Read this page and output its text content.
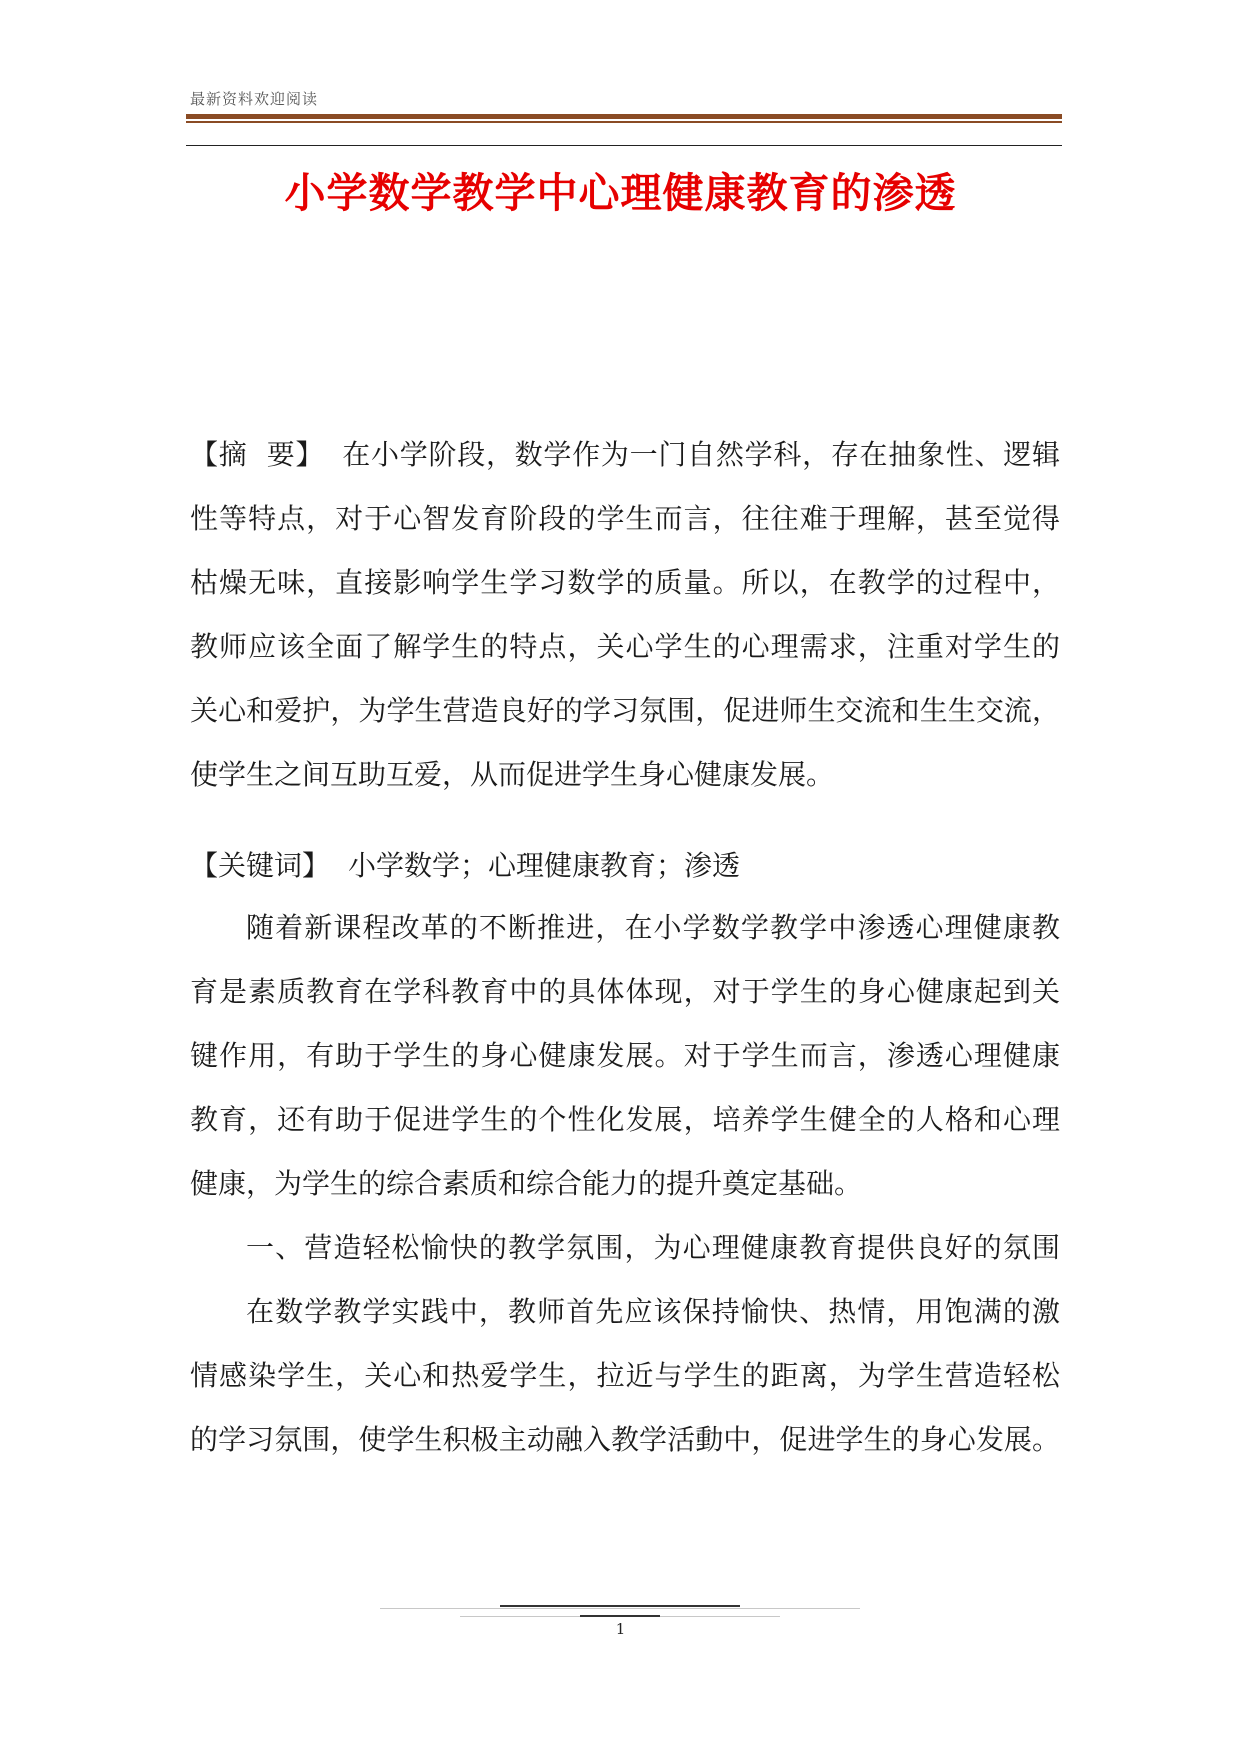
最新资料欢迎阅读
小学数学教学中心理健康教育的渗透
【摘  要】 在小学阶段，数学作为一门自然学科，存在抽象性、逻辑
性等特点，对于心智发育阶段的学生而言，往往难于理解，甚至觉得
枯燥无味，直接影响学生学习数学的质量。所以，在教学的过程中，
教师应该全面了解学生的特点，关心学生的心理需求，注重对学生的
关心和爱护，为学生营造良好的学习氛围，促进师生交流和生生交流，
使学生之间互助互爱，从而促进学生身心健康发展。
【关键词】 小学数学；心理健康教育；渗透
随着新课程改革的不断推进，在小学数学教学中渗透心理健康教
育是素质教育在学科教育中的具体体现，对于学生的身心健康起到关
键作用，有助于学生的身心健康发展。对于学生而言，渗透心理健康
教育，还有助于促进学生的个性化发展，培养学生健全的人格和心理
健康，为学生的综合素质和综合能力的提升奠定基础。
一、营造轻松愉快的教学氛围，为心理健康教育提供良好的氛围
在数学教学实践中，教师首先应该保持愉快、热情，用饱满的激
情感染学生，关心和热爱学生，拉近与学生的距离，为学生营造轻松
的学习氛围，使学生积极主动融入教学活動中，促进学生的身心发展。
1
